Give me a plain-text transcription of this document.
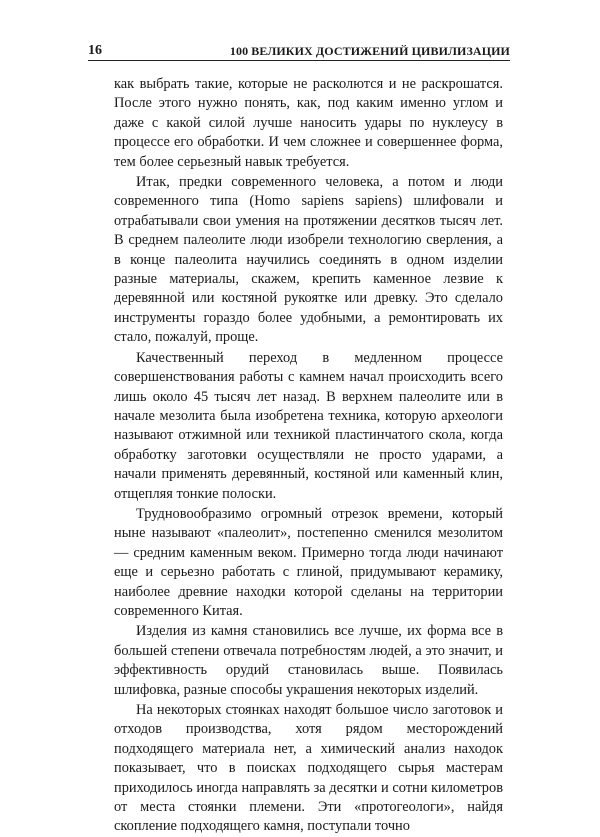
16	100 ВЕЛИКИХ ДОСТИЖЕНИЙ ЦИВИЛИЗАЦИИ

как выбрать такие, которые не расколются и не раскрошатся. После этого нужно понять, как, под каким именно углом и даже с какой силой лучше наносить удары по нуклеусу в процессе его обработки. И чем сложнее и совершеннее форма, тем более серьезный навык требуется.

Итак, предки современного человека, а потом и люди современного типа (Homo sapiens sapiens) шлифовали и отрабатывали свои умения на протяжении десятков тысяч лет. В среднем палеолите люди изобрели технологию сверления, а в конце палеолита научились соединять в одном изделии разные материалы, скажем, крепить каменное лезвие к деревянной или костяной рукоятке или древку. Это сделало инструменты гораздо более удобными, а ремонтировать их стало, пожалуй, проще.

Качественный переход в медленном процессе совершенствования работы с камнем начал происходить всего лишь около 45 тысяч лет назад. В верхнем палеолите или в начале мезолита была изобретена техника, которую археологи называют отжимной или техникой пластинчатого скола, когда обработку заготовки осуществляли не просто ударами, а начали применять деревянный, костяной или каменный клин, отщепляя тонкие полоски.

Трудновообразимо огромный отрезок времени, который ныне называют «палеолит», постепенно сменился мезолитом — средним каменным веком. Примерно тогда люди начинают еще и серьезно работать с глиной, придумывают керамику, наиболее древние находки которой сделаны на территории современного Китая.

Изделия из камня становились все лучше, их форма все в большей степени отвечала потребностям людей, а это значит, и эффективность орудий становилась выше. Появилась шлифовка, разные способы украшения некоторых изделий.

На некоторых стоянках находят большое число заготовок и отходов производства, хотя рядом месторождений подходящего материала нет, а химический анализ находок показывает, что в поисках подходящего сырья мастерам приходилось иногда направлять за десятки и сотни километров от места стоянки племени. Эти «протогеологи», найдя скопление подходящего камня, поступали точно
